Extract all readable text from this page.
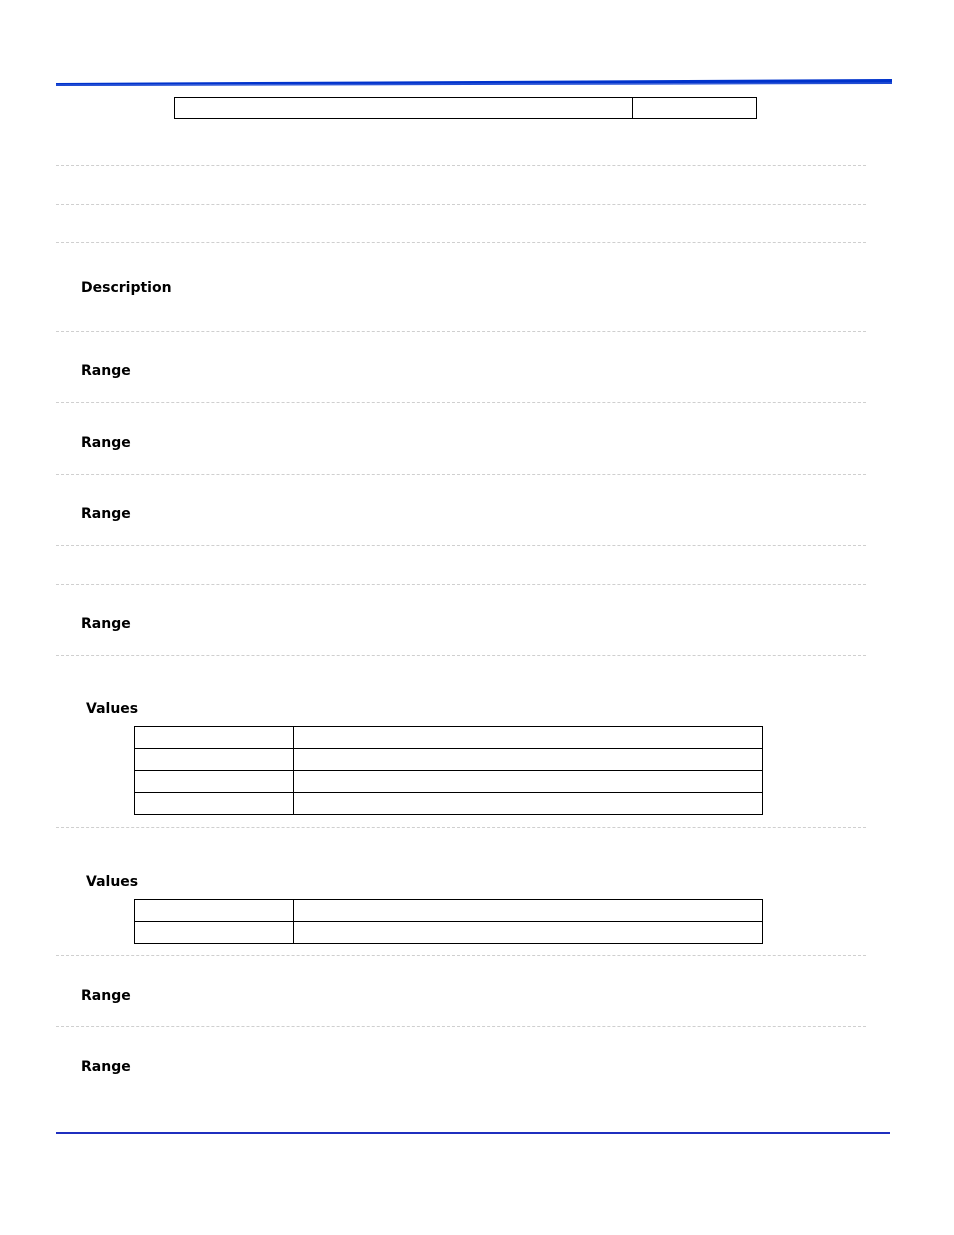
Description
Range
Range
Range
Range
Values

Values

Range
Range
